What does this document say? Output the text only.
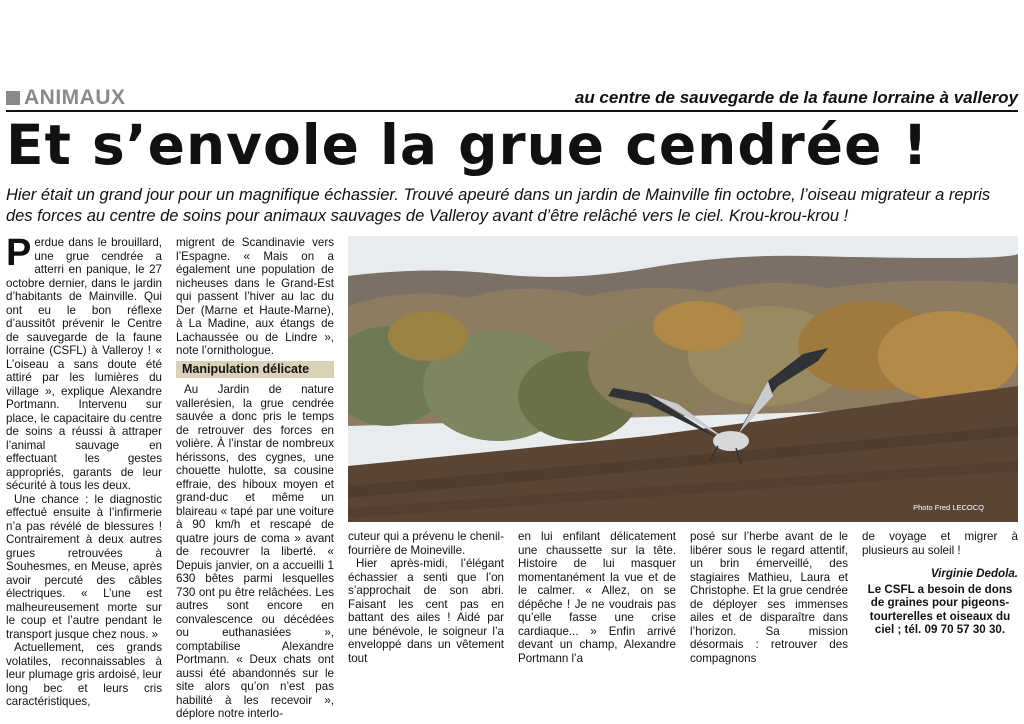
ANIMAUX	au centre de sauvegarde de la faune lorraine à valleroy
Et s’envole la grue cendrée !
Hier était un grand jour pour un magnifique échassier. Trouvé apeuré dans un jardin de Mainville fin octobre, l’oiseau migrateur a repris des forces au centre de soins pour animaux sauvages de Valleroy avant d’être relâché vers le ciel. Krou-krou-krou !

Perdue dans le brouillard, une grue cendrée a atterri en panique, le 27 octobre dernier, dans le jardin d’habitants de Mainville. Qui ont eu le bon réflexe d’aussitôt prévenir le Centre de sauvegarde de la faune lorraine (CSFL) à Valleroy ! « L’oiseau a sans doute été attiré par les lumières du village », explique Alexandre Portmann. Intervenu sur place, le capacitaire du centre de soins a réussi à attraper l’animal sauvage en effectuant les gestes appropriés, garants de leur sécurité à tous les deux.

Une chance : le diagnostic effectué ensuite à l’infirmerie n’a pas révélé de blessures ! Contrairement à deux autres grues retrouvées à Souhesmes, en Meuse, après avoir percuté des câbles électriques. « L’une est malheureusement morte sur le coup et l’autre pendant le transport jusque chez nous. »

Actuellement, ces grands volatiles, reconnaissables à leur plumage gris ardoisé, leur long bec et leurs cris caractéristiques,

migrent de Scandinavie vers l’Espagne. « Mais on a également une population de nicheuses dans le Grand-Est qui passent l’hiver au lac du Der (Marne et Haute-Marne), à La Madine, aux étangs de Lachaussée ou de Lindre », note l’ornithologue.

Manipulation délicate

Au Jardin de nature vallerésien, la grue cendrée sauvée a donc pris le temps de retrouver des forces en volière. À l’instar de nombreux hérissons, des cygnes, une chouette hulotte, sa cousine effraie, des hiboux moyen et grand-duc et même un blaireau « tapé par une voiture à 90 km/h et rescapé de quatre jours de coma » avant de recouvrer la liberté. « Depuis janvier, on a accueilli 1 630 bêtes parmi lesquelles 730 ont pu être relâchées. Les autres sont encore en convalescence ou décédées ou euthanasiées », comptabilise Alexandre Portmann. « Deux chats ont aussi été abandonnés sur le site alors qu’on n’est pas habilité à les recevoir », déplore notre interlo-

Photo Fred LECOCQ

cuteur qui a prévenu le chenil-fourrière de Moineville.

Hier après-midi, l’élégant échassier a senti que l’on s’approchait de son abri. Faisant les cent pas en battant des ailes ! Aidé par une bénévole, le soigneur l’a enveloppé dans un vêtement tout

en lui enfilant délicatement une chaussette sur la tête. Histoire de lui masquer momentanément la vue et de le calmer. « Allez, on se dépêche ! Je ne voudrais pas qu’elle fasse une crise cardiaque... » Enfin arrivé devant un champ, Alexandre Portmann l’a

posé sur l’herbe avant de le libérer sous le regard attentif, un brin émerveillé, des stagiaires Mathieu, Laura et Christophe. Et la grue cendrée de déployer ses immenses ailes et de disparaître dans l’horizon. Sa mission désormais : retrouver des compagnons

de voyage et migrer à plusieurs au soleil !

Virginie Dedola.
Le CSFL a besoin de dons de graines pour pigeons-tourterelles et oiseaux du ciel ; tél. 09 70 57 30 30.
